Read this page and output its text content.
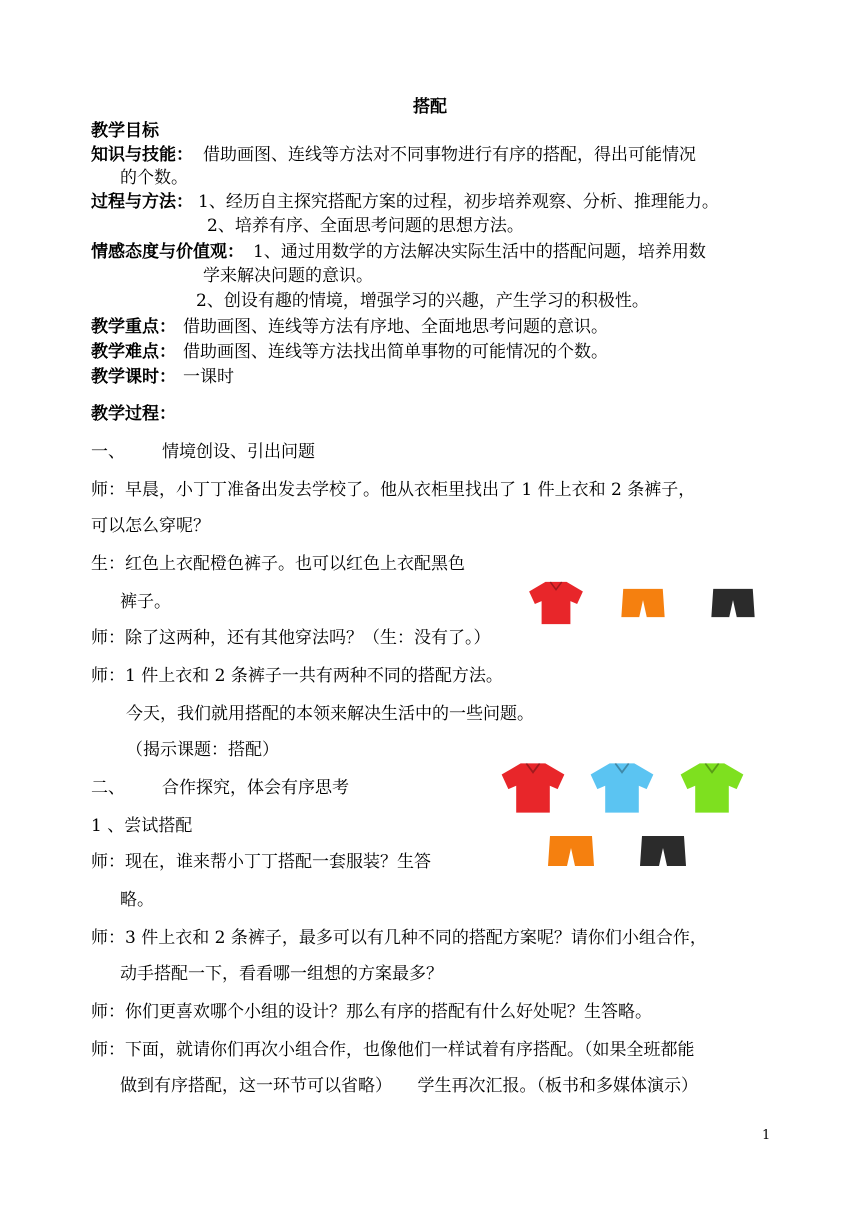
搭配
教学目标
知识与技能： 借助画图、连线等方法对不同事物进行有序的搭配，得出可能情况
的个数。
过程与方法： 1、经历自主探究搭配方案的过程，初步培养观察、分析、推理能力。
2、培养有序、全面思考问题的思想方法。
情感态度与价值观： 1、通过用数学的方法解决实际生活中的搭配问题，培养用数
学来解决问题的意识。
2、创设有趣的情境，增强学习的兴趣，产生学习的积极性。
教学重点： 借助画图、连线等方法有序地、全面地思考问题的意识。
教学难点： 借助画图、连线等方法找出简单事物的可能情况的个数。
教学课时： 一课时
教学过程：
一、 情境创设、引出问题
师：早晨，小丁丁准备出发去学校了。他从衣柜里找出了 1 件上衣和 2 条裤子，
可以怎么穿呢？
生：红色上衣配橙色裤子。也可以红色上衣配黑色
裤子。
师：除了这两种，还有其他穿法吗？（生：没有了。）
师：1 件上衣和 2 条裤子一共有两种不同的搭配方法。
今天，我们就用搭配的本领来解决生活中的一些问题。
（揭示课题：搭配）
二、 合作探究，体会有序思考
1 、尝试搭配
师：现在，谁来帮小丁丁搭配一套服装？生答
略。
师：3 件上衣和 2 条裤子，最多可以有几种不同的搭配方案呢？请你们小组合作，
动手搭配一下，看看哪一组想的方案最多？
师：你们更喜欢哪个小组的设计？那么有序的搭配有什么好处呢？生答略。
师：下面，就请你们再次小组合作，也像他们一样试着有序搭配。（如果全班都能
做到有序搭配，这一环节可以省略）　　学生再次汇报。（板书和多媒体演示）
1
